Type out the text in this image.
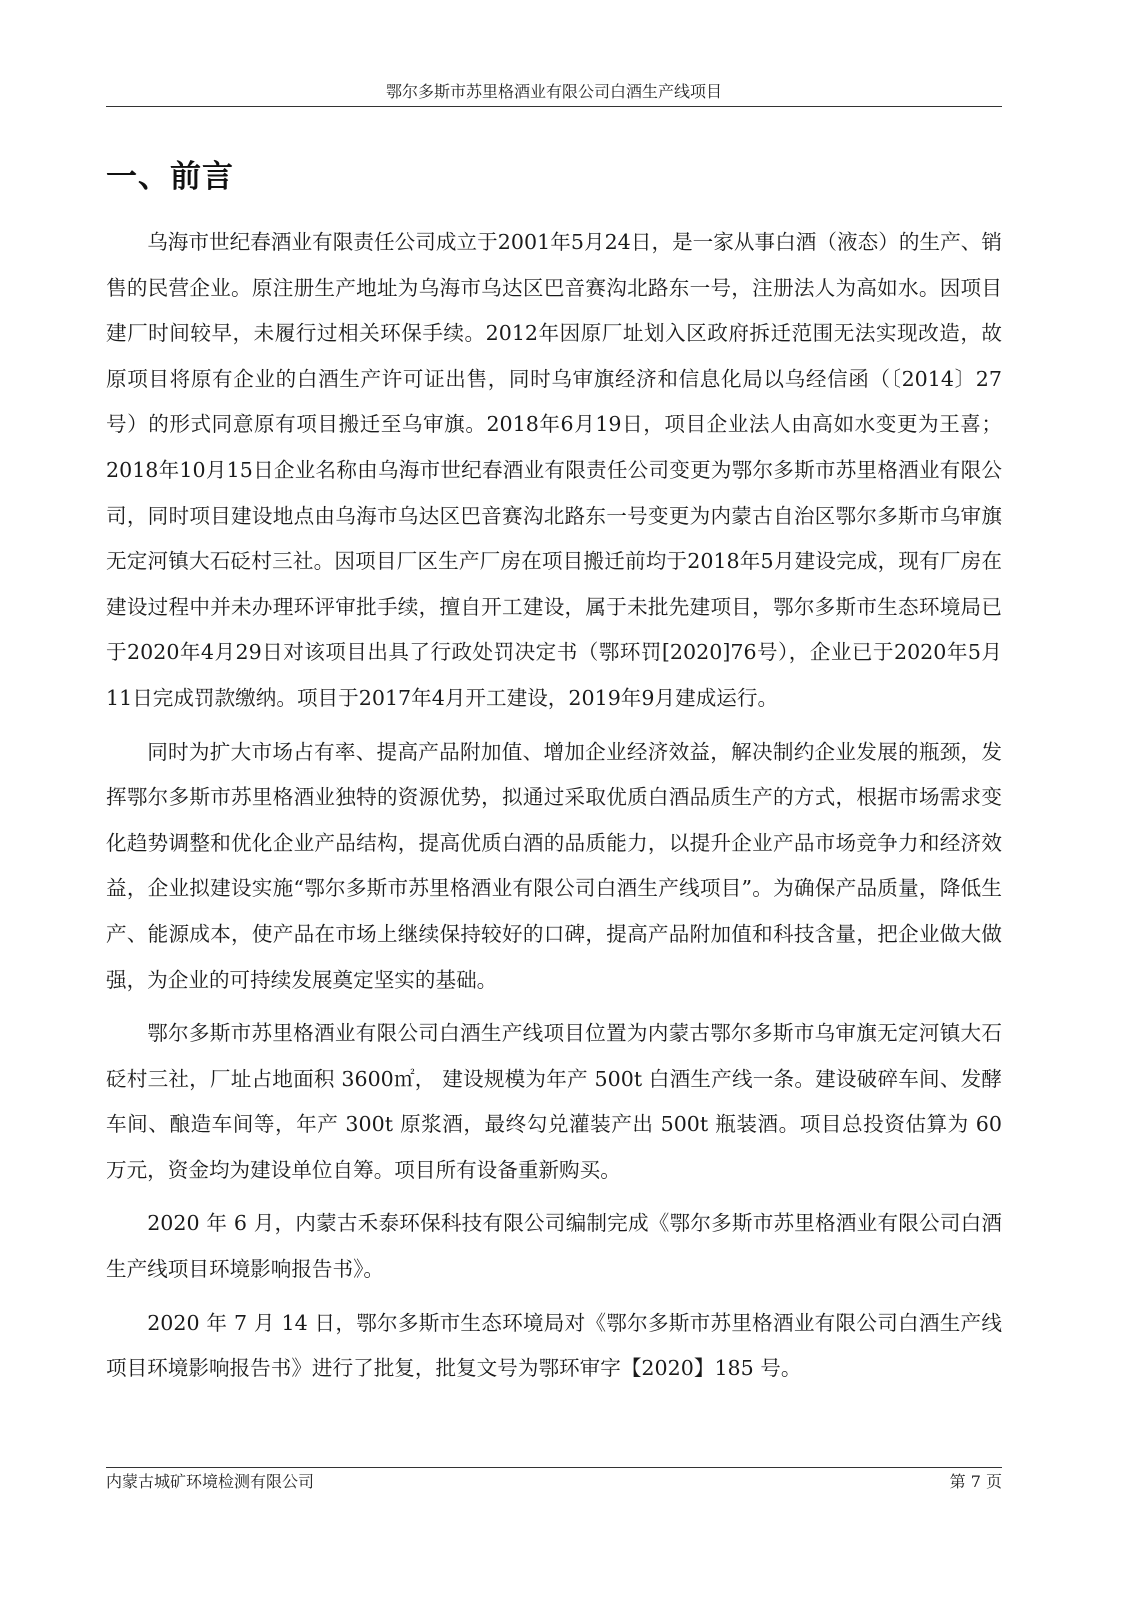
鄂尔多斯市苏里格酒业有限公司白酒生产线项目
一、前言

乌海市世纪春酒业有限责任公司成立于2001年5月24日，是一家从事白酒（液态）的生产、销售的民营企业。原注册生产地址为乌海市乌达区巴音赛沟北路东一号，注册法人为高如水。因项目建厂时间较早，未履行过相关环保手续。2012年因原厂址划入区政府拆迁范围无法实现改造，故原项目将原有企业的白酒生产许可证出售，同时乌审旗经济和信息化局以乌经信函（〔2014〕27号）的形式同意原有项目搬迁至乌审旗。2018年6月19日，项目企业法人由高如水变更为王喜；2018年10月15日企业名称由乌海市世纪春酒业有限责任公司变更为鄂尔多斯市苏里格酒业有限公司，同时项目建设地点由乌海市乌达区巴音赛沟北路东一号变更为内蒙古自治区鄂尔多斯市乌审旗无定河镇大石砭村三社。因项目厂区生产厂房在项目搬迁前均于2018年5月建设完成，现有厂房在建设过程中并未办理环评审批手续，擅自开工建设，属于未批先建项目，鄂尔多斯市生态环境局已于2020年4月29日对该项目出具了行政处罚决定书（鄂环罚[2020]76号），企业已于2020年5月11日完成罚款缴纳。项目于2017年4月开工建设，2019年9月建成运行。

同时为扩大市场占有率、提高产品附加值、增加企业经济效益，解决制约企业发展的瓶颈，发挥鄂尔多斯市苏里格酒业独特的资源优势，拟通过采取优质白酒品质生产的方式，根据市场需求变化趋势调整和优化企业产品结构，提高优质白酒的品质能力，以提升企业产品市场竞争力和经济效益，企业拟建设实施“鄂尔多斯市苏里格酒业有限公司白酒生产线项目”。为确保产品质量，降低生产、能源成本，使产品在市场上继续保持较好的口碑，提高产品附加值和科技含量，把企业做大做强，为企业的可持续发展奠定坚实的基础。

鄂尔多斯市苏里格酒业有限公司白酒生产线项目位置为内蒙古鄂尔多斯市乌审旗无定河镇大石砭村三社，厂址占地面积 3600㎡， 建设规模为年产 500t 白酒生产线一条。建设破碎车间、发酵车间、酿造车间等，年产 300t 原浆酒，最终勾兑灌装产出 500t 瓶装酒。项目总投资估算为 60 万元，资金均为建设单位自筹。项目所有设备重新购买。

2020 年 6 月，内蒙古禾泰环保科技有限公司编制完成《鄂尔多斯市苏里格酒业有限公司白酒生产线项目环境影响报告书》。

2020 年 7 月 14 日，鄂尔多斯市生态环境局对《鄂尔多斯市苏里格酒业有限公司白酒生产线项目环境影响报告书》进行了批复，批复文号为鄂环审字【2020】185 号。

内蒙古城矿环境检测有限公司	第 7 页
